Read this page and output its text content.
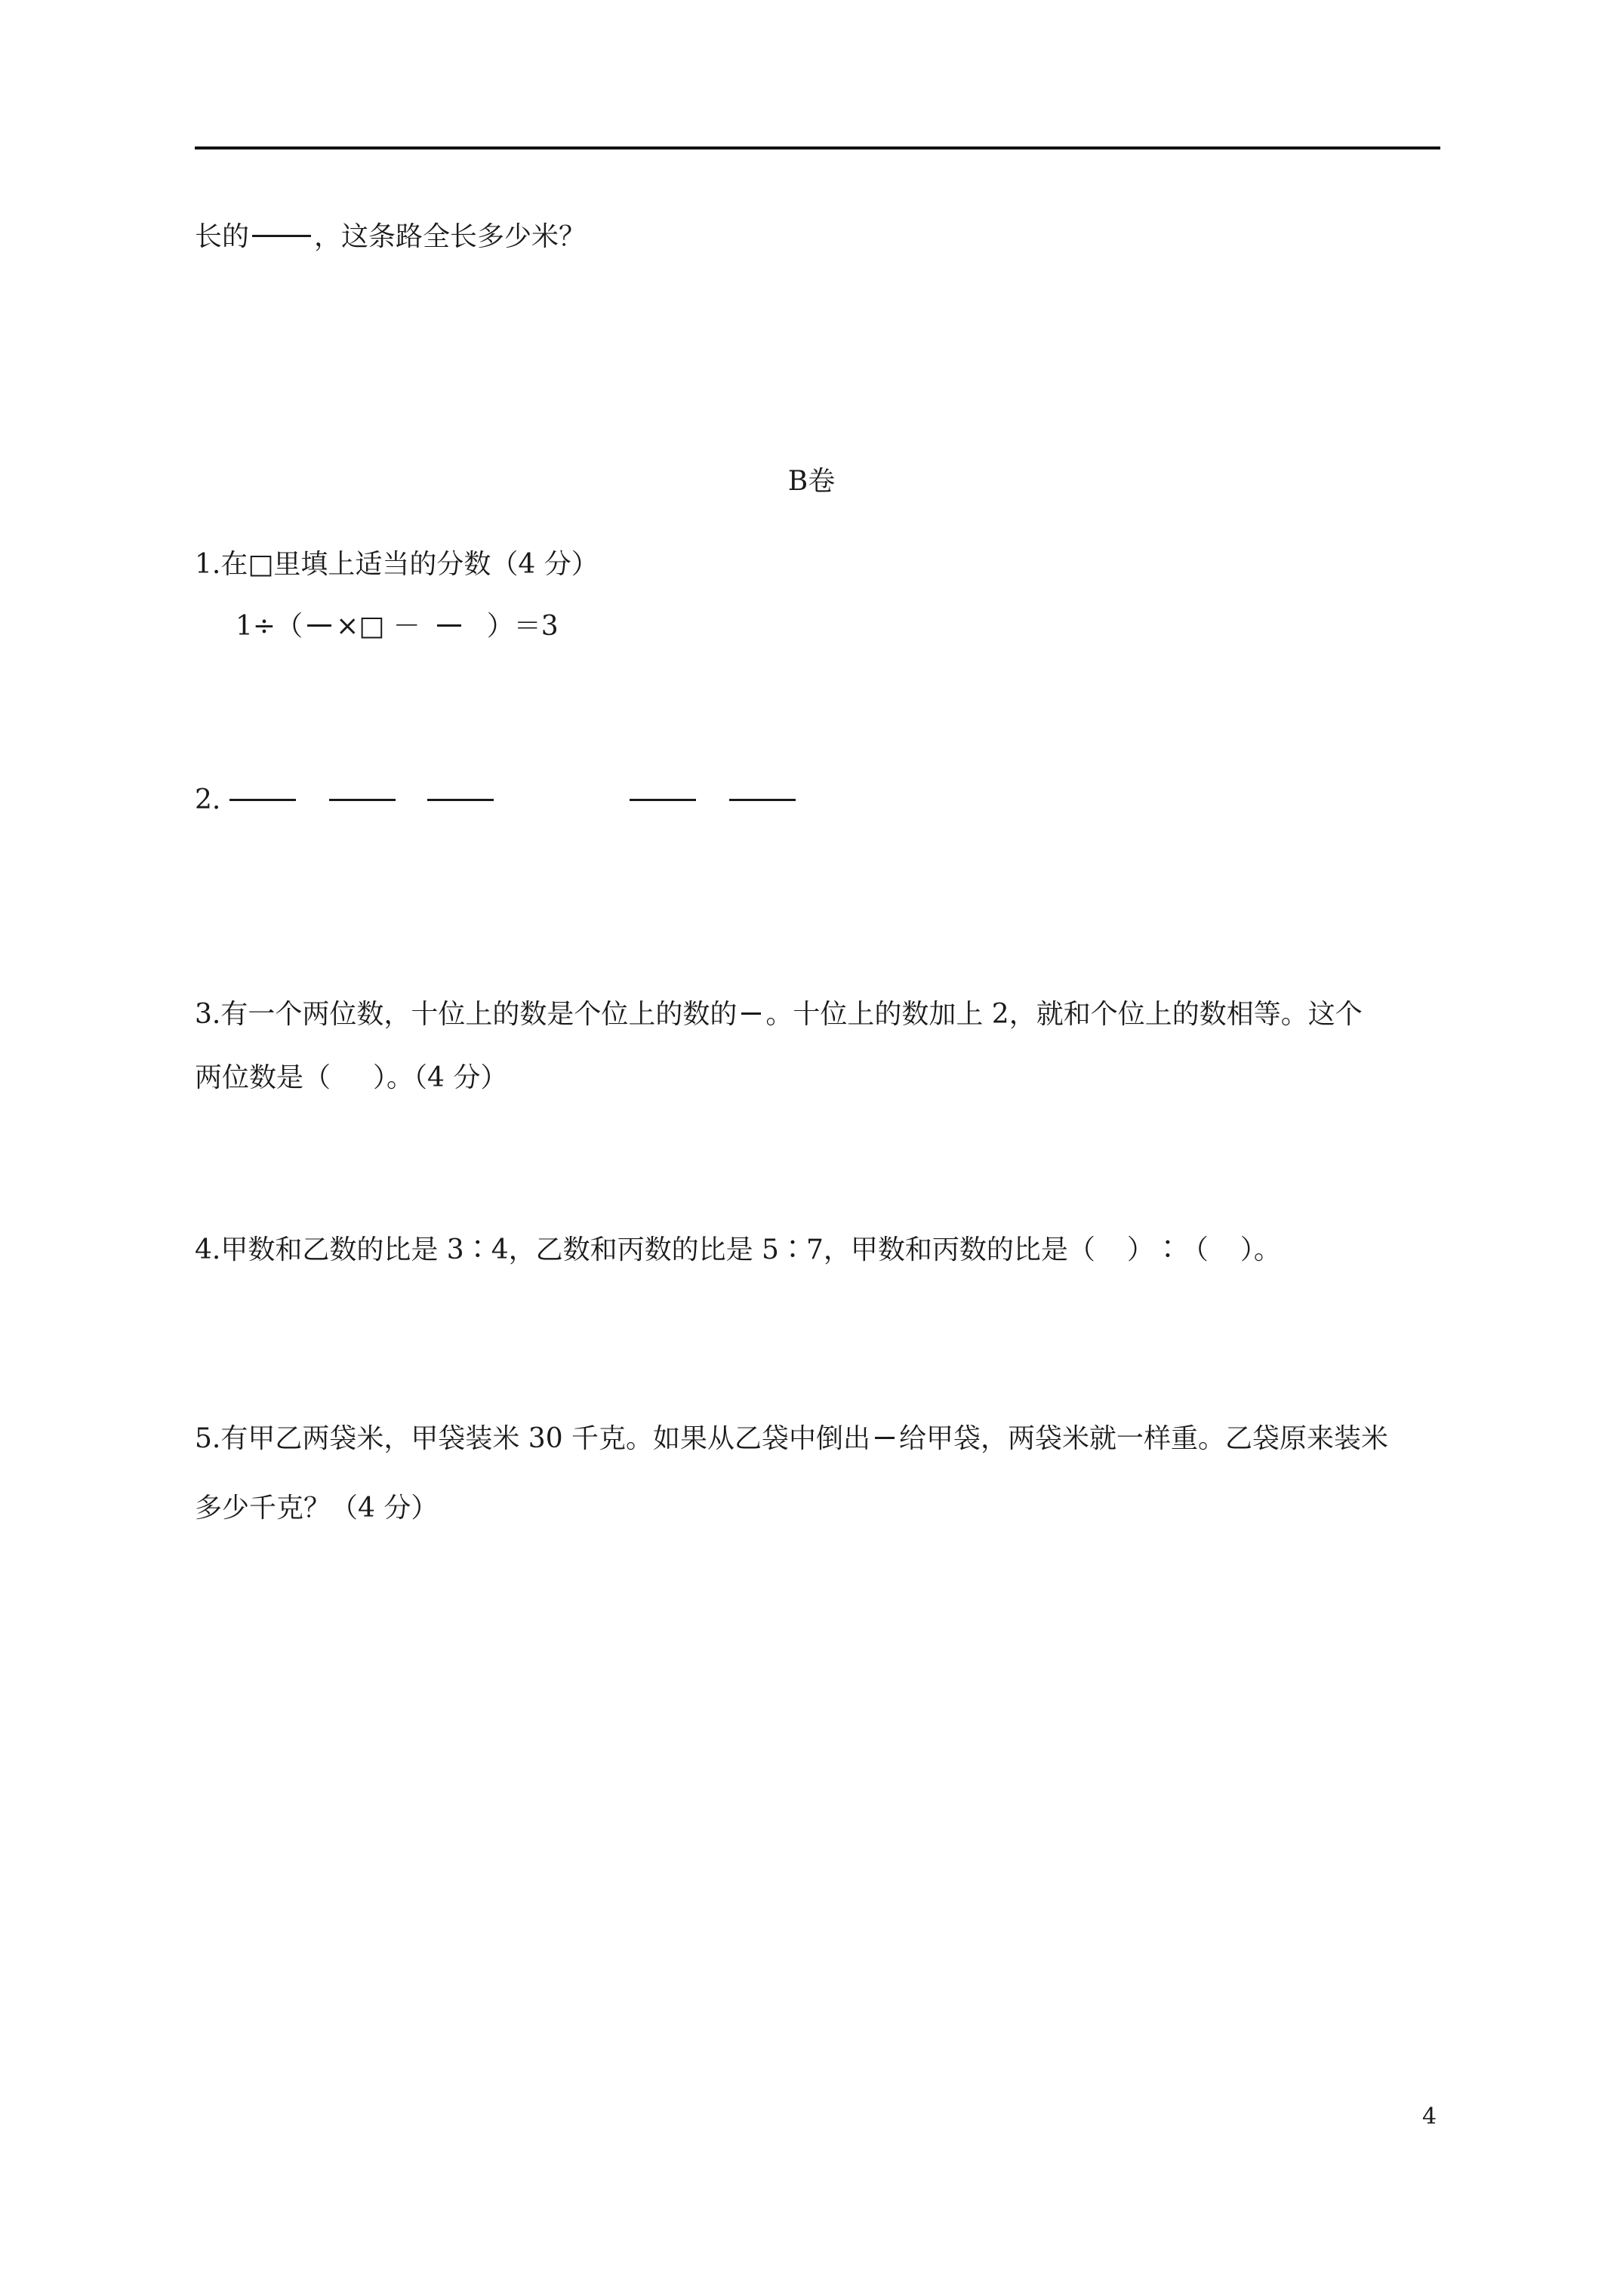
长的 ，这条路全长多少米？
B卷
1.在□里填上适当的分数（4 分）
1÷（ ×□ － ）＝3
2.
3.有一个两位数，十位上的数是个位上的数的 。十位上的数加上 2，就和个位上的数相等。这个
两位数是（ ）。（4 分）
4.甲数和乙数的比是 3∶4，乙数和丙数的比是 5∶7，甲数和丙数的比是（ ）∶（ ）。
5.有甲乙两袋米，甲袋装米 30 千克。如果从乙袋中倒出 给甲袋，两袋米就一样重。乙袋原来装米
多少千克？（4 分）
4
